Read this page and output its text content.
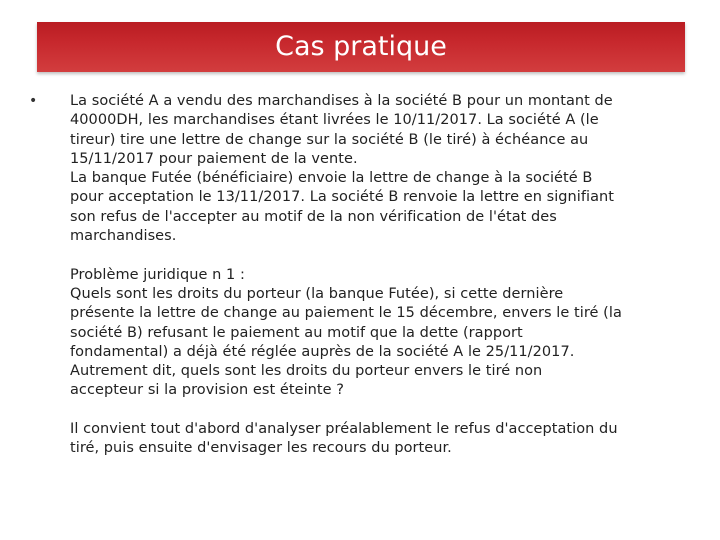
Cas pratique
•	La société A a vendu des marchandises à la société B pour un montant de
40000DH, les marchandises étant livrées le 10/11/2017. La société A (le
tireur) tire une lettre de change sur la société B (le tiré) à échéance au
15/11/2017 pour paiement de la vente.
La banque Futée (bénéficiaire) envoie la lettre de change à la société B
pour acceptation le 13/11/2017. La société B renvoie la lettre en signifiant
son refus de l'accepter au motif de la non vérification de l'état des
marchandises.

Problème juridique n 1 :
Quels sont les droits du porteur (la banque Futée), si cette dernière
présente la lettre de change au paiement le 15 décembre, envers le tiré (la
société B) refusant le paiement au motif que la dette (rapport
fondamental) a déjà été réglée auprès de la société A le 25/11/2017.
Autrement dit, quels sont les droits du porteur envers le tiré non
accepteur si la provision est éteinte ?

Il convient tout d'abord d'analyser préalablement le refus d'acceptation du
tiré, puis ensuite d'envisager les recours du porteur.
